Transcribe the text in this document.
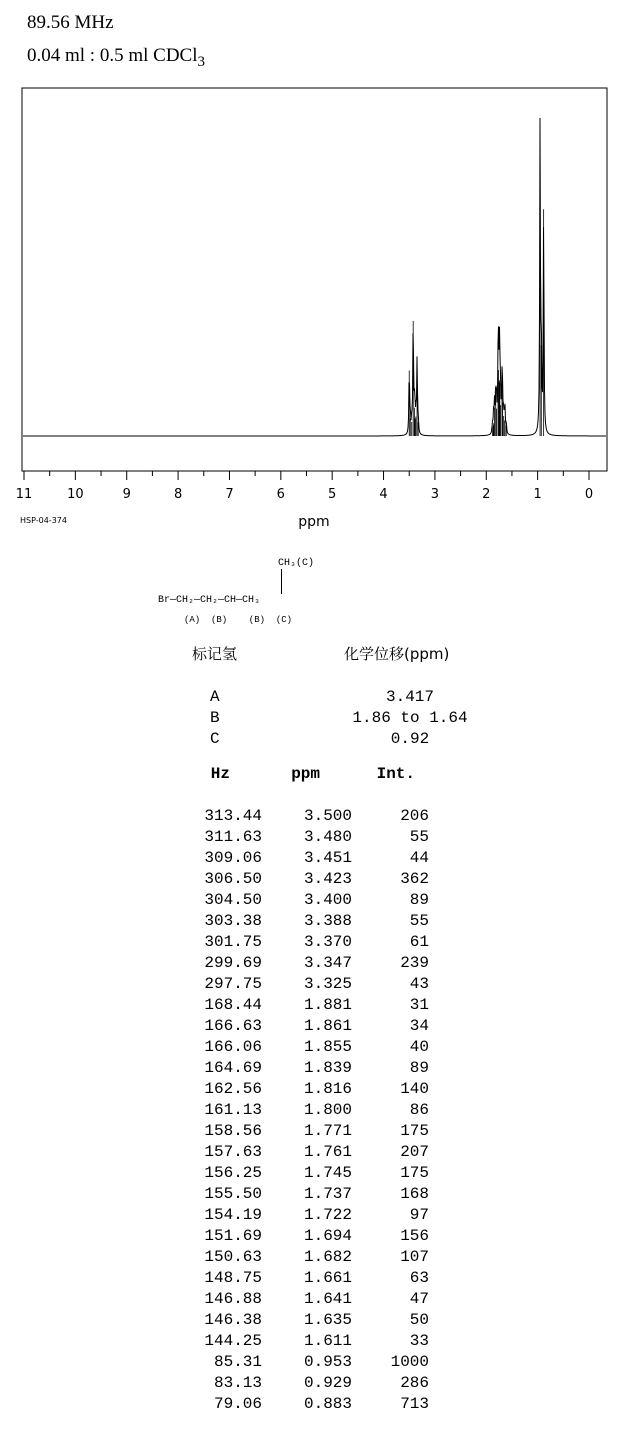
89.56 MHz
0.04 ml : 0.5 ml CDCl$_3$
11	10	9	8	7	6	5	4	3	2	1	0
ppm
HSP-04-374
CH₃(C)
Br—CH₂—CH₂—CH—CH₃
(A)  (B)    (B)  (C)
标记氢	化学位移(ppm)
A	3.417
B	1.86 to 1.64
C	0.92
Hz	ppm	Int.
313.44	3.500	206
311.63	3.480	55
309.06	3.451	44
306.50	3.423	362
304.50	3.400	89
303.38	3.388	55
301.75	3.370	61
299.69	3.347	239
297.75	3.325	43
168.44	1.881	31
166.63	1.861	34
166.06	1.855	40
164.69	1.839	89
162.56	1.816	140
161.13	1.800	86
158.56	1.771	175
157.63	1.761	207
156.25	1.745	175
155.50	1.737	168
154.19	1.722	97
151.69	1.694	156
150.63	1.682	107
148.75	1.661	63
146.88	1.641	47
146.38	1.635	50
144.25	1.611	33
85.31	0.953 1000
83.13	0.929	286
79.06	0.883	713
